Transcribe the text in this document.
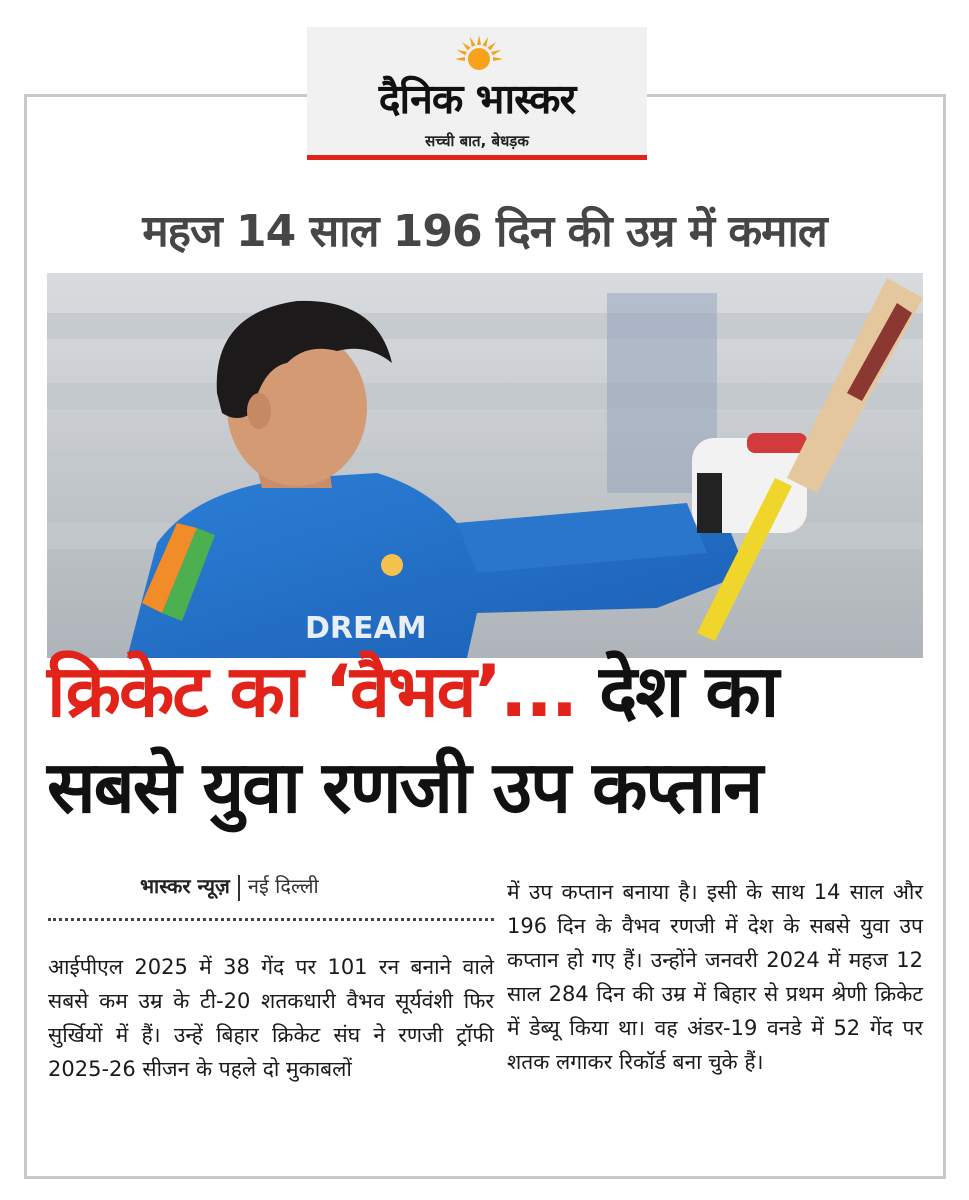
दैनिक भास्कर
सच्ची बात, बेधड़क
महज 14 साल 196 दिन की उम्र में कमाल
DREAM
क्रिकेट का ‘वैभव’... देश का
सबसे युवा रणजी उप कप्तान
भास्कर न्यूज़ नई दिल्ली
आईपीएल 2025 में 38 गेंद पर 101 रन बनाने वाले सबसे कम उम्र के टी-20 शतकधारी वैभव सूर्यवंशी फिर सुर्खियों में हैं। उन्हें बिहार क्रिकेट संघ ने रणजी ट्रॉफी 2025-26 सीजन के पहले दो मुकाबलों
में उप कप्तान बनाया है। इसी के साथ 14 साल और 196 दिन के वैभव रणजी में देश के सबसे युवा उप कप्तान हो गए हैं। उन्होंने जनवरी 2024 में महज 12 साल 284 दिन की उम्र में बिहार से प्रथम श्रेणी क्रिकेट में डेब्यू किया था। वह अंडर-19 वनडे में 52 गेंद पर शतक लगाकर रिकॉर्ड बना चुके हैं।
